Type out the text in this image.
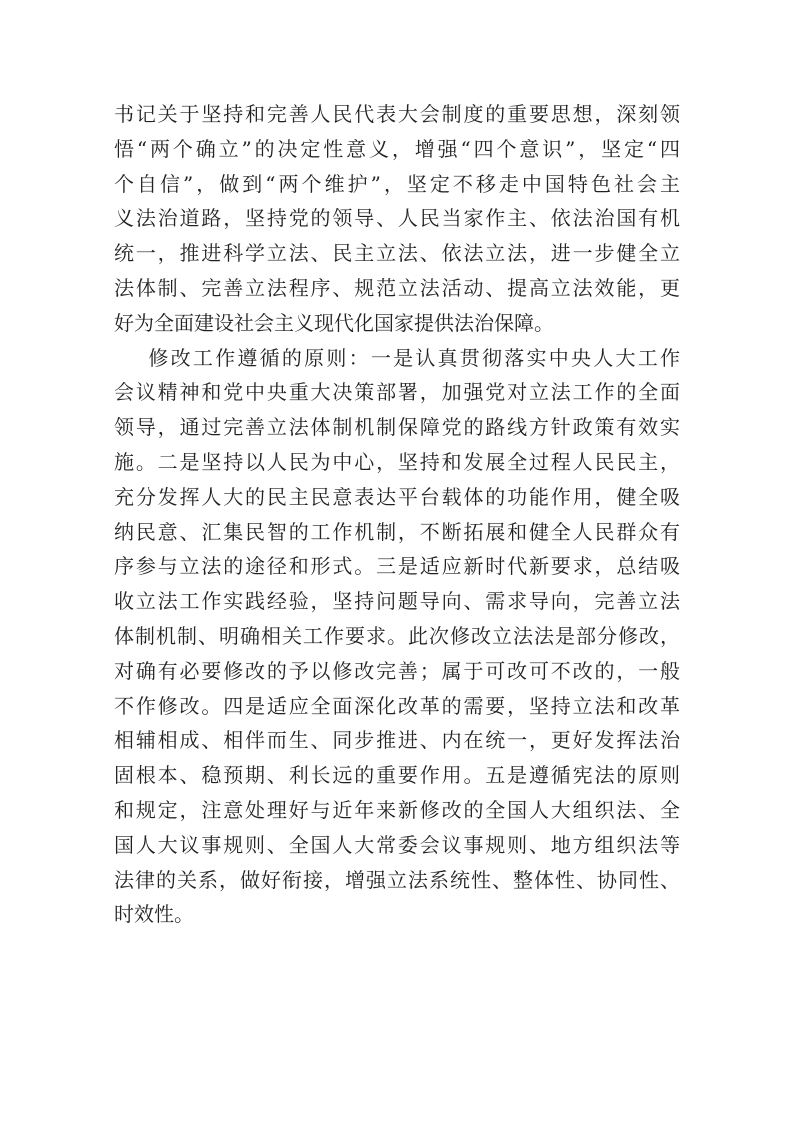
书记关于坚持和完善人民代表大会制度的重要思想，深刻领
悟“两个确立”的决定性意义，增强“四个意识”，坚定“四
个自信”，做到“两个维护”，坚定不移走中国特色社会主
义法治道路，坚持党的领导、人民当家作主、依法治国有机
统一，推进科学立法、民主立法、依法立法，进一步健全立
法体制、完善立法程序、规范立法活动、提高立法效能，更
好为全面建设社会主义现代化国家提供法治保障。
修改工作遵循的原则：一是认真贯彻落实中央人大工作
会议精神和党中央重大决策部署，加强党对立法工作的全面
领导，通过完善立法体制机制保障党的路线方针政策有效实
施。二是坚持以人民为中心，坚持和发展全过程人民民主，
充分发挥人大的民主民意表达平台载体的功能作用，健全吸
纳民意、汇集民智的工作机制，不断拓展和健全人民群众有
序参与立法的途径和形式。三是适应新时代新要求，总结吸
收立法工作实践经验，坚持问题导向、需求导向，完善立法
体制机制、明确相关工作要求。此次修改立法法是部分修改，
对确有必要修改的予以修改完善；属于可改可不改的，一般
不作修改。四是适应全面深化改革的需要，坚持立法和改革
相辅相成、相伴而生、同步推进、内在统一，更好发挥法治
固根本、稳预期、利长远的重要作用。五是遵循宪法的原则
和规定，注意处理好与近年来新修改的全国人大组织法、全
国人大议事规则、全国人大常委会议事规则、地方组织法等
法律的关系，做好衔接，增强立法系统性、整体性、协同性、
时效性。
